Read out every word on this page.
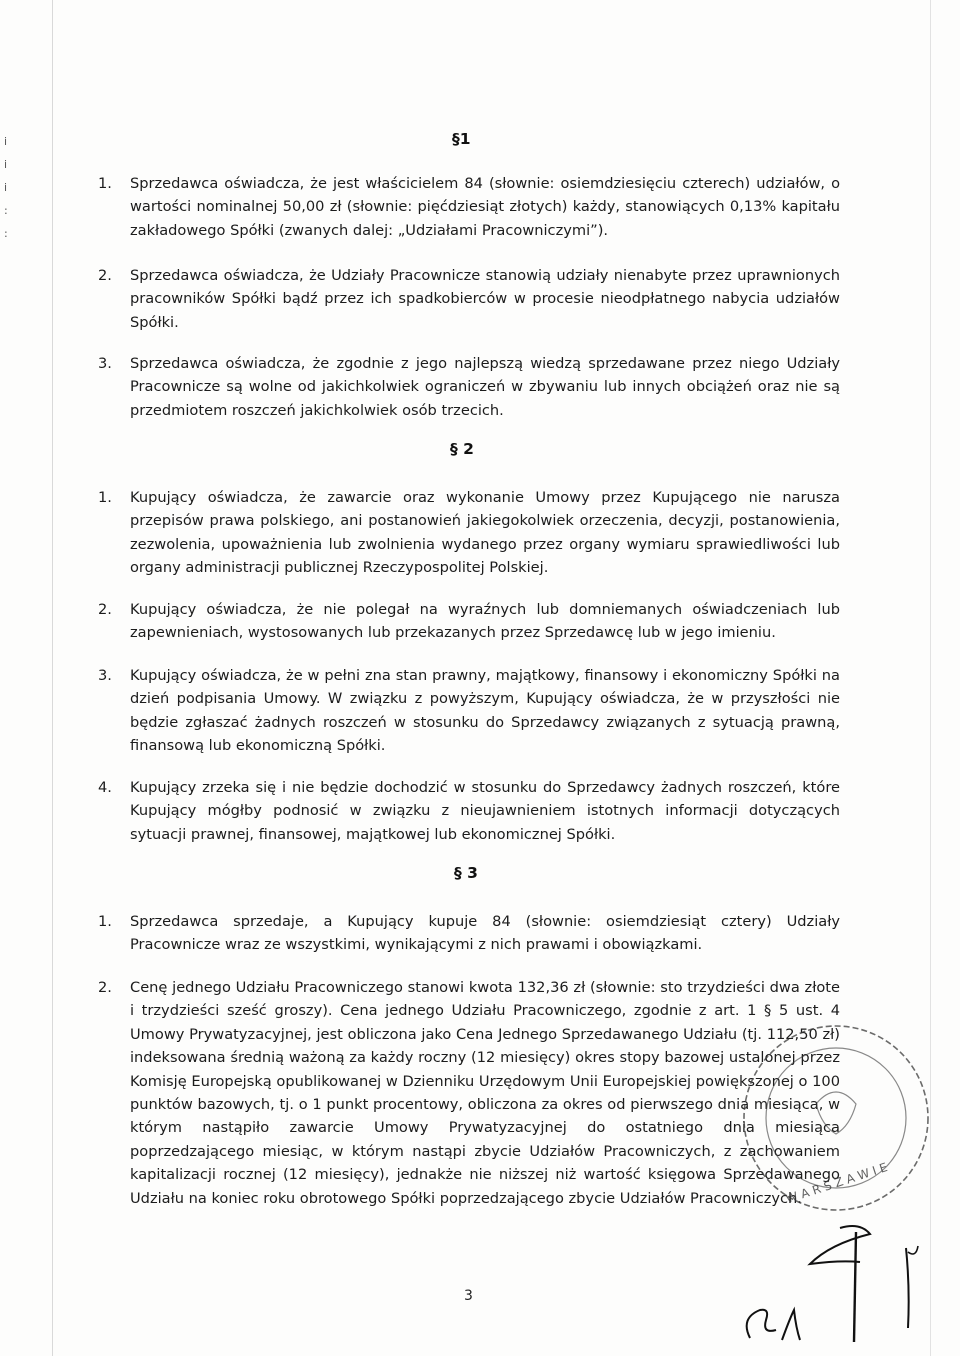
i
i
i
:
:
§1
1.	Sprzedawca oświadcza, że jest właścicielem 84 (słownie: osiemdziesięciu czterech) udziałów, o wartości nominalnej 50,00 zł (słownie: pięćdziesiąt złotych) każdy, stanowiących 0,13% kapitału zakładowego Spółki (zwanych dalej: „Udziałami Pracowniczymi”).
2.	Sprzedawca oświadcza, że Udziały Pracownicze stanowią udziały nienabyte przez uprawnionych pracowników Spółki bądź przez ich spadkobierców w procesie nieodpłatnego nabycia udziałów Spółki.
3.	Sprzedawca oświadcza, że zgodnie z jego najlepszą wiedzą sprzedawane przez niego Udziały Pracownicze są wolne od jakichkolwiek ograniczeń w zbywaniu lub innych obciążeń oraz nie są przedmiotem roszczeń jakichkolwiek osób trzecich.
§ 2
1.	Kupujący oświadcza, że zawarcie oraz wykonanie Umowy przez Kupującego nie narusza przepisów prawa polskiego, ani postanowień jakiegokolwiek orzeczenia, decyzji, postanowienia, zezwolenia, upoważnienia lub zwolnienia wydanego przez organy wymiaru sprawiedliwości lub organy administracji publicznej Rzeczypospolitej Polskiej.
2.	Kupujący oświadcza, że nie polegał na wyraźnych lub domniemanych oświadczeniach lub zapewnieniach, wystosowanych lub przekazanych przez Sprzedawcę lub w jego imieniu.
3.	Kupujący oświadcza, że w pełni zna stan prawny, majątkowy, finansowy i ekonomiczny Spółki na dzień podpisania Umowy. W związku z powyższym, Kupujący oświadcza, że w przyszłości nie będzie zgłaszać żadnych roszczeń w stosunku do Sprzedawcy związanych z sytuacją prawną, finansową lub ekonomiczną Spółki.
4.	Kupujący zrzeka się i nie będzie dochodzić w stosunku do Sprzedawcy żadnych roszczeń, które Kupujący mógłby podnosić w związku z nieujawnieniem istotnych informacji dotyczących sytuacji prawnej, finansowej, majątkowej lub ekonomicznej Spółki.
§ 3
1.	Sprzedawca sprzedaje, a Kupujący kupuje 84 (słownie: osiemdziesiąt cztery) Udziały Pracownicze wraz ze wszystkimi, wynikającymi z nich prawami i obowiązkami.
2.	Cenę jednego Udziału Pracowniczego stanowi kwota 132,36 zł (słownie: sto trzydzieści dwa złote i trzydzieści sześć groszy). Cena jednego Udziału Pracowniczego, zgodnie z art. 1 § 5 ust. 4 Umowy Prywatyzacyjnej, jest obliczona jako Cena Jednego Sprzedawanego Udziału (tj. 112,50 zł) indeksowana średnią ważoną za każdy roczny (12 miesięcy) okres stopy bazowej ustalonej przez Komisję Europejską opublikowanej w Dzienniku Urzędowym Unii Europejskiej powiększonej o 100 punktów bazowych, tj. o 1 punkt procentowy, obliczona za okres od pierwszego dnia miesiąca, w którym nastąpiło zawarcie Umowy Prywatyzacyjnej do ostatniego dnia miesiąca poprzedzającego miesiąc, w którym nastąpi zbycie Udziałów Pracowniczych, z zachowaniem kapitalizacji rocznej (12 miesięcy), jednakże nie niższej niż wartość księgowa Sprzedawanego Udziału na koniec roku obrotowego Spółki poprzedzającego zbycie Udziałów Pracowniczych.
W A R S Z A W I E
3
